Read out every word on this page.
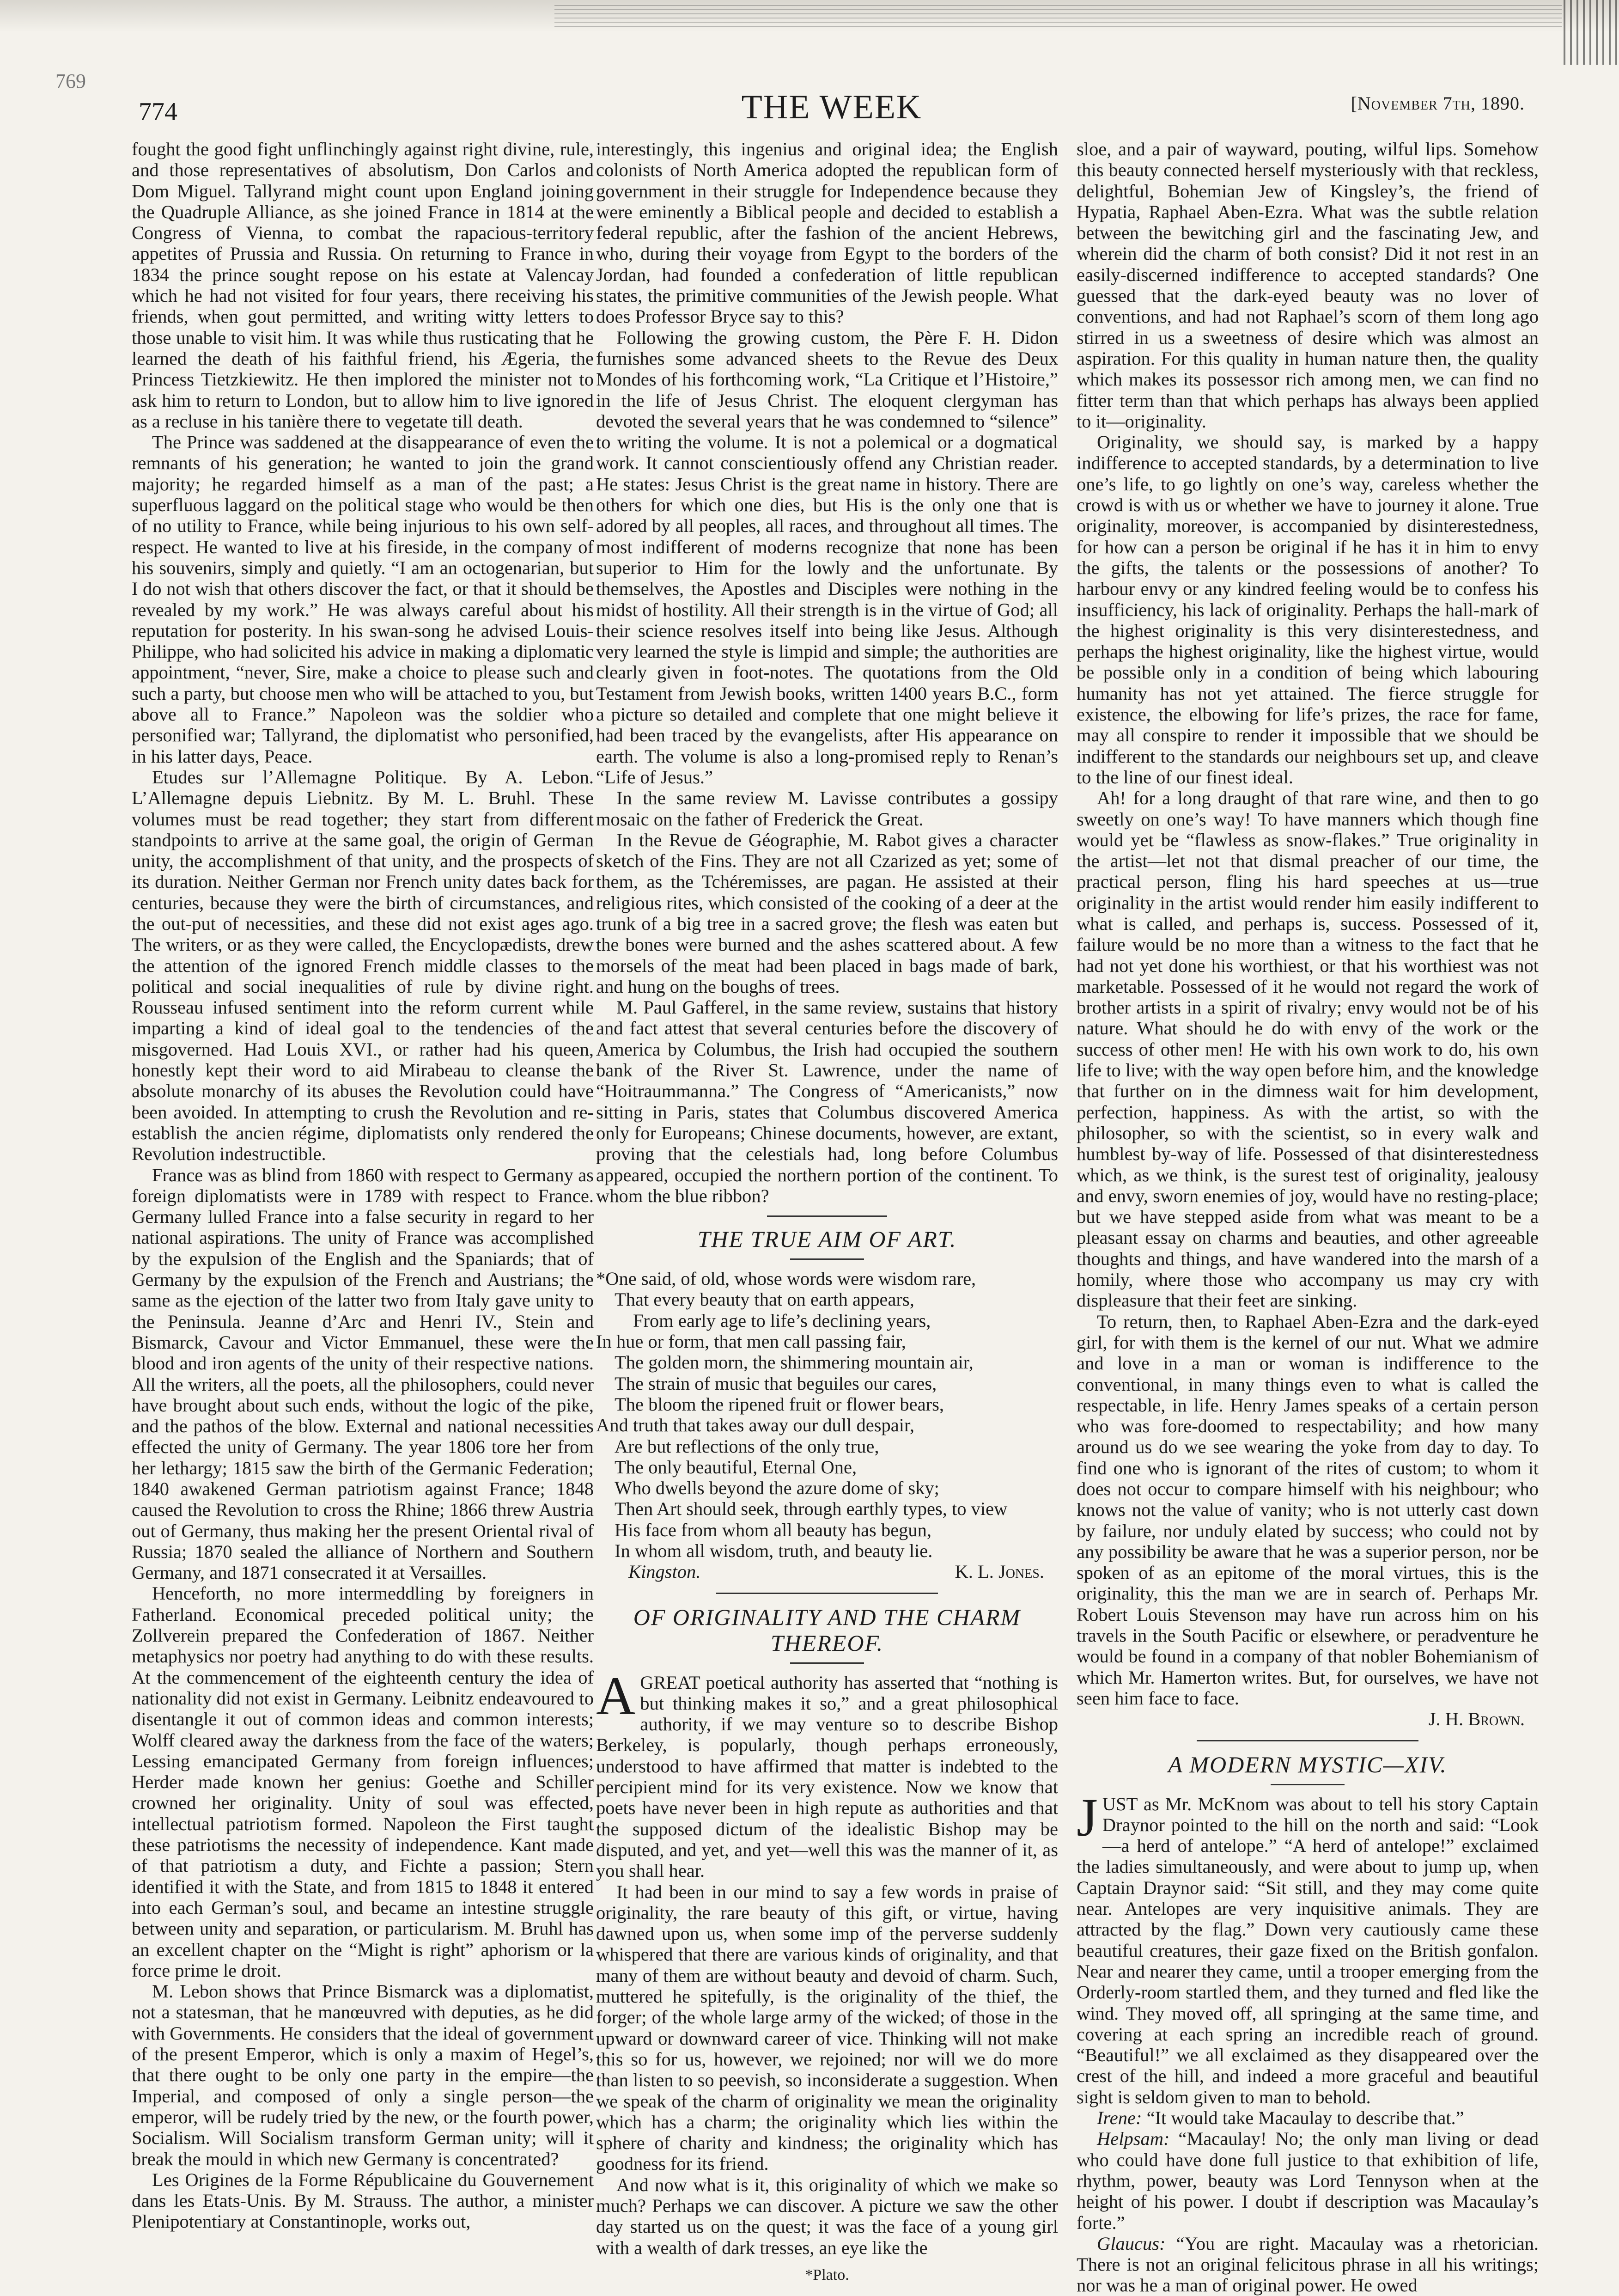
769
774	THE WEEK	[November 7th, 1890.

fought the good fight unflinchingly against right divine, rule, and those representatives of absolutism, Don Carlos and Dom Miguel. Tallyrand might count upon England joining the Quadruple Alliance, as she joined France in 1814 at the Congress of Vienna, to combat the rapacious-territory appetites of Prussia and Russia. On returning to France in 1834 the prince sought repose on his estate at Valencay which he had not visited for four years, there receiving his friends, when gout permitted, and writing witty letters to those unable to visit him. It was while thus rusticating that he learned the death of his faithful friend, his Ægeria, the Princess Tietzkiewitz. He then implored the minister not to ask him to return to London, but to allow him to live ignored as a recluse in his tanière there to vegetate till death.

The Prince was saddened at the disappearance of even the remnants of his generation; he wanted to join the grand majority; he regarded himself as a man of the past; a superfluous laggard on the political stage who would be then of no utility to France, while being injurious to his own self-respect. He wanted to live at his fireside, in the company of his souvenirs, simply and quietly. “I am an octogenarian, but I do not wish that others discover the fact, or that it should be revealed by my work.” He was always careful about his reputation for posterity. In his swan-song he advised Louis-Philippe, who had solicited his advice in making a diplomatic appointment, “never, Sire, make a choice to please such and such a party, but choose men who will be attached to you, but above all to France.” Napoleon was the soldier who personified war; Tallyrand, the diplomatist who personified, in his latter days, Peace.

Etudes sur l’Allemagne Politique. By A. Lebon. L’Allemagne depuis Liebnitz. By M. L. Bruhl. These volumes must be read together; they start from different standpoints to arrive at the same goal, the origin of German unity, the accomplishment of that unity, and the prospects of its duration. Neither German nor French unity dates back for centuries, because they were the birth of circumstances, and the out-put of necessities, and these did not exist ages ago. The writers, or as they were called, the Encyclopædists, drew the attention of the ignored French middle classes to the political and social inequalities of rule by divine right. Rousseau infused sentiment into the reform current while imparting a kind of ideal goal to the tendencies of the misgoverned. Had Louis XVI., or rather had his queen, honestly kept their word to aid Mirabeau to cleanse the absolute monarchy of its abuses the Revolution could have been avoided. In attempting to crush the Revolution and re-establish the ancien régime, diplomatists only rendered the Revolution indestructible.

France was as blind from 1860 with respect to Germany as foreign diplomatists were in 1789 with respect to France. Germany lulled France into a false security in regard to her national aspirations. The unity of France was accomplished by the expulsion of the English and the Spaniards; that of Germany by the expulsion of the French and Austrians; the same as the ejection of the latter two from Italy gave unity to the Peninsula. Jeanne d’Arc and Henri IV., Stein and Bismarck, Cavour and Victor Emmanuel, these were the blood and iron agents of the unity of their respective nations. All the writers, all the poets, all the philosophers, could never have brought about such ends, without the logic of the pike, and the pathos of the blow. External and national necessities effected the unity of Germany. The year 1806 tore her from her lethargy; 1815 saw the birth of the Germanic Federation; 1840 awakened German patriotism against France; 1848 caused the Revolution to cross the Rhine; 1866 threw Austria out of Germany, thus making her the present Oriental rival of Russia; 1870 sealed the alliance of Northern and Southern Germany, and 1871 consecrated it at Versailles.

Henceforth, no more intermeddling by foreigners in Fatherland. Economical preceded political unity; the Zollverein prepared the Confederation of 1867. Neither metaphysics nor poetry had anything to do with these results. At the commencement of the eighteenth century the idea of nationality did not exist in Germany. Leibnitz endeavoured to disentangle it out of common ideas and common interests; Wolff cleared away the darkness from the face of the waters; Lessing emancipated Germany from foreign influences; Herder made known her genius: Goethe and Schiller crowned her originality. Unity of soul was effected, intellectual patriotism formed. Napoleon the First taught these patriotisms the necessity of independence. Kant made of that patriotism a duty, and Fichte a passion; Stern identified it with the State, and from 1815 to 1848 it entered into each German’s soul, and became an intestine struggle between unity and separation, or particularism. M. Bruhl has an excellent chapter on the “Might is right” aphorism or la force prime le droit.

M. Lebon shows that Prince Bismarck was a diplomatist, not a statesman, that he manœuvred with deputies, as he did with Governments. He considers that the ideal of government of the present Emperor, which is only a maxim of Hegel’s, that there ought to be only one party in the empire—the Imperial, and composed of only a single person—the emperor, will be rudely tried by the new, or the fourth power, Socialism. Will Socialism transform German unity; will it break the mould in which new Germany is concentrated?

Les Origines de la Forme Républicaine du Gouvernement dans les Etats-Unis. By M. Strauss. The author, a minister Plenipotentiary at Constantinople, works out,

interestingly, this ingenius and original idea; the English colonists of North America adopted the republican form of government in their struggle for Independence because they were eminently a Biblical people and decided to establish a federal republic, after the fashion of the ancient Hebrews, who, during their voyage from Egypt to the borders of the Jordan, had founded a confederation of little republican states, the primitive communities of the Jewish people. What does Professor Bryce say to this?

Following the growing custom, the Père F. H. Didon furnishes some advanced sheets to the Revue des Deux Mondes of his forthcoming work, “La Critique et l’Histoire,” in the life of Jesus Christ. The eloquent clergyman has devoted the several years that he was condemned to “silence” to writing the volume. It is not a polemical or a dogmatical work. It cannot conscientiously offend any Christian reader. He states: Jesus Christ is the great name in history. There are others for which one dies, but His is the only one that is adored by all peoples, all races, and throughout all times. The most indifferent of moderns recognize that none has been superior to Him for the lowly and the unfortunate. By themselves, the Apostles and Disciples were nothing in the midst of hostility. All their strength is in the virtue of God; all their science resolves itself into being like Jesus. Although very learned the style is limpid and simple; the authorities are clearly given in foot-notes. The quotations from the Old Testament from Jewish books, written 1400 years B.C., form a picture so detailed and complete that one might believe it had been traced by the evangelists, after His appearance on earth. The volume is also a long-promised reply to Renan’s “Life of Jesus.”

In the same review M. Lavisse contributes a gossipy mosaic on the father of Frederick the Great.

In the Revue de Géographie, M. Rabot gives a character sketch of the Fins. They are not all Czarized as yet; some of them, as the Tchéremisses, are pagan. He assisted at their religious rites, which consisted of the cooking of a deer at the trunk of a big tree in a sacred grove; the flesh was eaten but the bones were burned and the ashes scattered about. A few morsels of the meat had been placed in bags made of bark, and hung on the boughs of trees.

M. Paul Gafferel, in the same review, sustains that history and fact attest that several centuries before the discovery of America by Columbus, the Irish had occupied the southern bank of the River St. Lawrence, under the name of “Hoitraummanna.” The Congress of “Americanists,” now sitting in Paris, states that Columbus discovered America only for Europeans; Chinese documents, however, are extant, proving that the celestials had, long before Columbus appeared, occupied the northern portion of the continent. To whom the blue ribbon?

THE TRUE AIM OF ART.
*One said, of old, whose words were wisdom rare,
That every beauty that on earth appears,
From early age to life’s declining years,
In hue or form, that men call passing fair,
The golden morn, the shimmering mountain air,
The strain of music that beguiles our cares,
The bloom the ripened fruit or flower bears,
And truth that takes away our dull despair,
Are but reflections of the only true,
The only beautiful, Eternal One,
Who dwells beyond the azure dome of sky;
Then Art should seek, through earthly types, to view
His face from whom all beauty has begun,
In whom all wisdom, truth, and beauty lie.
Kingston.	K. L. Jones.
OF ORIGINALITY AND THE CHARM THEREOF.

A GREAT poetical authority has asserted that “nothing is but thinking makes it so,” and a great philosophical authority, if we may venture so to describe Bishop Berkeley, is popularly, though perhaps erroneously, understood to have affirmed that matter is indebted to the percipient mind for its very existence. Now we know that poets have never been in high repute as authorities and that the supposed dictum of the idealistic Bishop may be disputed, and yet, and yet—well this was the manner of it, as you shall hear.

It had been in our mind to say a few words in praise of originality, the rare beauty of this gift, or virtue, having dawned upon us, when some imp of the perverse suddenly whispered that there are various kinds of originality, and that many of them are without beauty and devoid of charm. Such, muttered he spitefully, is the originality of the thief, the forger; of the whole large army of the wicked; of those in the upward or downward career of vice. Thinking will not make this so for us, however, we rejoined; nor will we do more than listen to so peevish, so inconsiderate a suggestion. When we speak of the charm of originality we mean the originality which has a charm; the originality which lies within the sphere of charity and kindness; the originality which has goodness for its friend.

And now what is it, this originality of which we make so much? Perhaps we can discover. A picture we saw the other day started us on the quest; it was the face of a young girl with a wealth of dark tresses, an eye like the

*Plato.

sloe, and a pair of wayward, pouting, wilful lips. Somehow this beauty connected herself mysteriously with that reckless, delightful, Bohemian Jew of Kingsley’s, the friend of Hypatia, Raphael Aben-Ezra. What was the subtle relation between the bewitching girl and the fascinating Jew, and wherein did the charm of both consist? Did it not rest in an easily-discerned indifference to accepted standards? One guessed that the dark-eyed beauty was no lover of conventions, and had not Raphael’s scorn of them long ago stirred in us a sweetness of desire which was almost an aspiration. For this quality in human nature then, the quality which makes its possessor rich among men, we can find no fitter term than that which perhaps has always been applied to it—originality.

Originality, we should say, is marked by a happy indifference to accepted standards, by a determination to live one’s life, to go lightly on one’s way, careless whether the crowd is with us or whether we have to journey it alone. True originality, moreover, is accompanied by disinterestedness, for how can a person be original if he has it in him to envy the gifts, the talents or the possessions of another? To harbour envy or any kindred feeling would be to confess his insufficiency, his lack of originality. Perhaps the hall-mark of the highest originality is this very disinterestedness, and perhaps the highest originality, like the highest virtue, would be possible only in a condition of being which labouring humanity has not yet attained. The fierce struggle for existence, the elbowing for life’s prizes, the race for fame, may all conspire to render it impossible that we should be indifferent to the standards our neighbours set up, and cleave to the line of our finest ideal.

Ah! for a long draught of that rare wine, and then to go sweetly on one’s way! To have manners which though fine would yet be “flawless as snow-flakes.” True originality in the artist—let not that dismal preacher of our time, the practical person, fling his hard speeches at us—true originality in the artist would render him easily indifferent to what is called, and perhaps is, success. Possessed of it, failure would be no more than a witness to the fact that he had not yet done his worthiest, or that his worthiest was not marketable. Possessed of it he would not regard the work of brother artists in a spirit of rivalry; envy would not be of his nature. What should he do with envy of the work or the success of other men! He with his own work to do, his own life to live; with the way open before him, and the knowledge that further on in the dimness wait for him development, perfection, happiness. As with the artist, so with the philosopher, so with the scientist, so in every walk and humblest by-way of life. Possessed of that disinterestedness which, as we think, is the surest test of originality, jealousy and envy, sworn enemies of joy, would have no resting-place; but we have stepped aside from what was meant to be a pleasant essay on charms and beauties, and other agreeable thoughts and things, and have wandered into the marsh of a homily, where those who accompany us may cry with displeasure that their feet are sinking.

To return, then, to Raphael Aben-Ezra and the dark-eyed girl, for with them is the kernel of our nut. What we admire and love in a man or woman is indifference to the conventional, in many things even to what is called the respectable, in life. Henry James speaks of a certain person who was fore-doomed to respectability; and how many around us do we see wearing the yoke from day to day. To find one who is ignorant of the rites of custom; to whom it does not occur to compare himself with his neighbour; who knows not the value of vanity; who is not utterly cast down by failure, nor unduly elated by success; who could not by any possibility be aware that he was a superior person, nor be spoken of as an epitome of the moral virtues, this is the originality, this the man we are in search of. Perhaps Mr. Robert Louis Stevenson may have run across him on his travels in the South Pacific or elsewhere, or peradventure he would be found in a company of that nobler Bohemianism of which Mr. Hamerton writes. But, for ourselves, we have not seen him face to face.

J. H. Brown.
A MODERN MYSTIC—XIV.

JUST as Mr. McKnom was about to tell his story Captain Draynor pointed to the hill on the north and said: “Look—a herd of antelope.” “A herd of antelope!” exclaimed the ladies simultaneously, and were about to jump up, when Captain Draynor said: “Sit still, and they may come quite near. Antelopes are very inquisitive animals. They are attracted by the flag.” Down very cautiously came these beautiful creatures, their gaze fixed on the British gonfalon. Near and nearer they came, until a trooper emerging from the Orderly-room startled them, and they turned and fled like the wind. They moved off, all springing at the same time, and covering at each spring an incredible reach of ground. “Beautiful!” we all exclaimed as they disappeared over the crest of the hill, and indeed a more graceful and beautiful sight is seldom given to man to behold.

Irene: “It would take Macaulay to describe that.”

Helpsam: “Macaulay! No; the only man living or dead who could have done full justice to that exhibition of life, rhythm, power, beauty was Lord Tennyson when at the height of his power. I doubt if description was Macaulay’s forte.”

Glaucus: “You are right. Macaulay was a rhetorician. There is not an original felicitous phrase in all his writings; nor was he a man of original power. He owed
